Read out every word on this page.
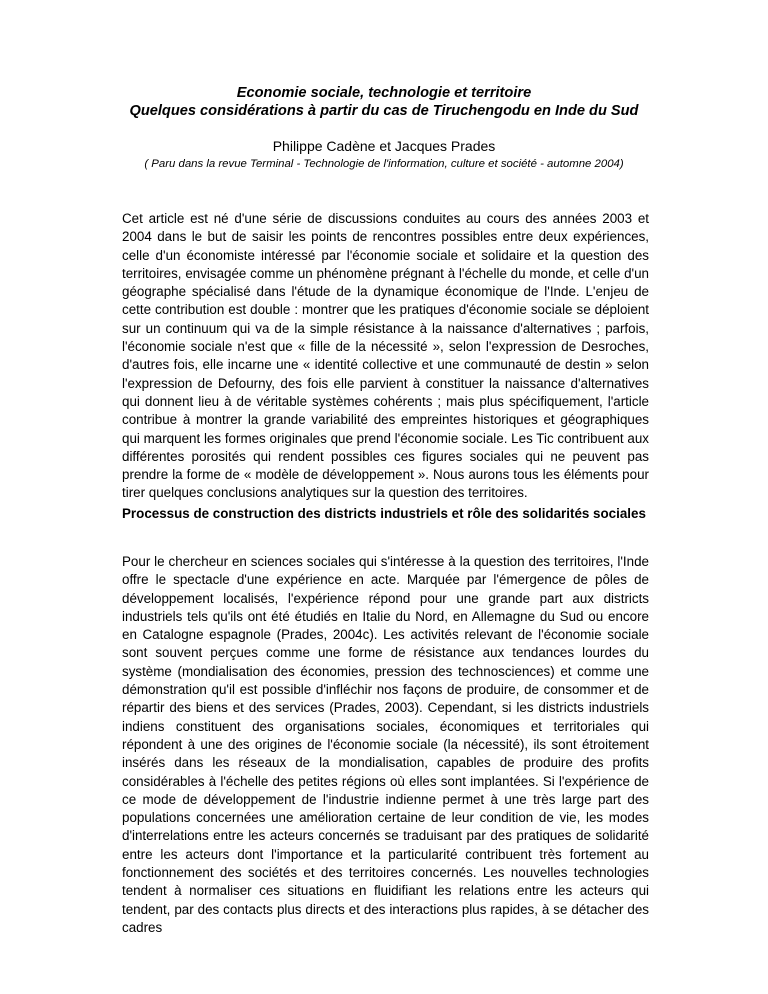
Economie sociale, technologie et territoire
Quelques considérations à partir du cas de Tiruchengodu en Inde du Sud
Philippe Cadène et Jacques Prades
( Paru dans la revue Terminal - Technologie de l'information, culture et société - automne 2004)

Cet article est né d'une série de discussions conduites au cours des années 2003 et 2004 dans le but de saisir les points de rencontres possibles entre deux expériences, celle d'un économiste intéressé par l'économie sociale et solidaire et la question des territoires, envisagée comme un phénomène prégnant à l'échelle du monde, et celle d'un géographe spécialisé dans l'étude de la dynamique économique de l'Inde. L'enjeu de cette contribution est double : montrer que les pratiques d'économie sociale se déploient sur un continuum qui va de la simple résistance à la naissance d'alternatives ; parfois, l'économie sociale n'est que « fille de la nécessité », selon l'expression de Desroches, d'autres fois, elle incarne une « identité collective et une communauté de destin » selon l'expression de Defourny, des fois elle parvient à constituer la naissance d'alternatives qui donnent lieu à de véritable systèmes cohérents ; mais plus spécifiquement, l'article contribue à montrer la grande variabilité des empreintes historiques et géographiques qui marquent les formes originales que prend l'économie sociale. Les Tic contribuent aux différentes porosités qui rendent possibles ces figures sociales qui ne peuvent pas prendre la forme de « modèle de développement ». Nous aurons tous les éléments pour tirer quelques conclusions analytiques sur la question des territoires.

Processus de construction des districts industriels et rôle des solidarités sociales

Pour le chercheur en sciences sociales qui s'intéresse à la question des territoires, l'Inde offre le spectacle d'une expérience en acte. Marquée par l'émergence de pôles de développement localisés, l'expérience répond pour une grande part aux districts industriels tels qu'ils ont été étudiés en Italie du Nord, en Allemagne du Sud ou encore en Catalogne espagnole (Prades, 2004c). Les activités relevant de l'économie sociale sont souvent perçues comme une forme de résistance aux tendances lourdes du système (mondialisation des économies, pression des technosciences) et comme une démonstration qu'il est possible d'infléchir nos façons de produire, de consommer et de répartir des biens et des services (Prades, 2003). Cependant, si les districts industriels indiens constituent des organisations sociales, économiques et territoriales qui répondent à une des origines de l'économie sociale (la nécessité), ils sont étroitement insérés dans les réseaux de la mondialisation, capables de produire des profits considérables à l'échelle des petites régions où elles sont implantées. Si l'expérience de ce mode de développement de l'industrie indienne permet à une très large part des populations concernées une amélioration certaine de leur condition de vie, les modes d'interrelations entre les acteurs concernés se traduisant par des pratiques de solidarité entre les acteurs dont l'importance et la particularité contribuent très fortement au fonctionnement des sociétés et des territoires concernés. Les nouvelles technologies tendent à normaliser ces situations en fluidifiant les relations entre les acteurs qui tendent, par des contacts plus directs et des interactions plus rapides, à se détacher des cadres
